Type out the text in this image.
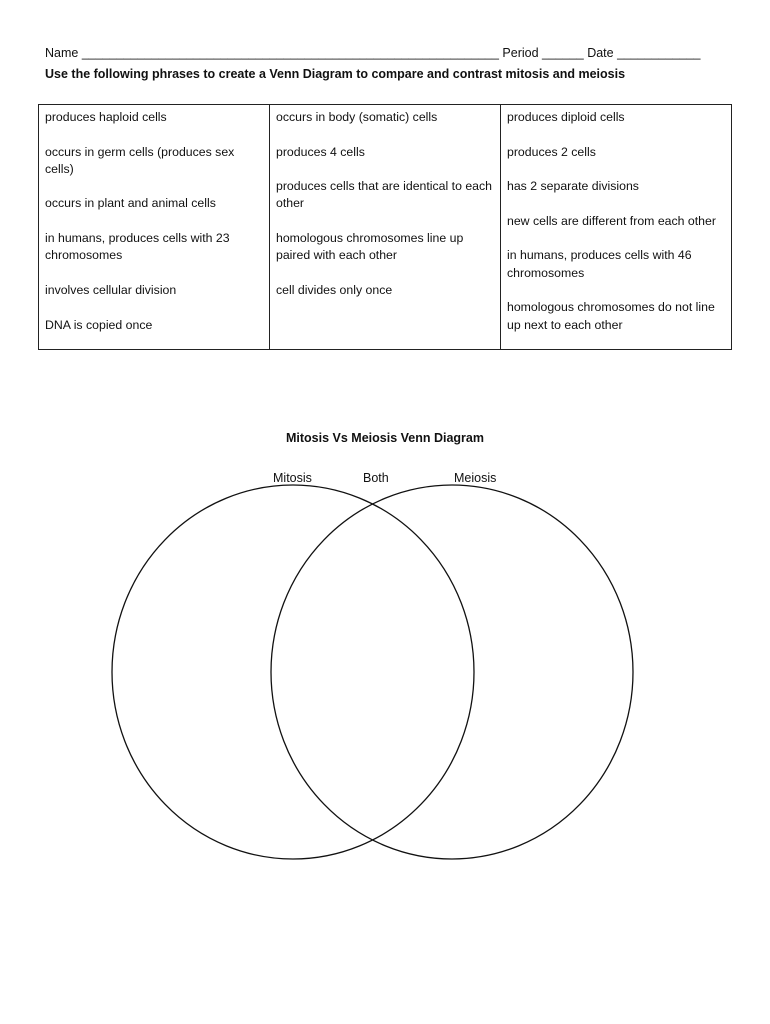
Name ____________________________________________________________ Period ______ Date ____________
Use the following phrases to create a Venn Diagram to compare and contrast mitosis and meiosis

produces haploid cells

occurs in germ cells (produces sex cells)

occurs in plant and animal cells

in humans, produces cells with 23 chromosomes

involves cellular division

DNA is copied once

occurs in body (somatic) cells

produces 4 cells

produces cells that are identical to each other

homologous chromosomes line up paired with each other

cell divides only once

produces diploid cells

produces 2 cells

has 2 separate divisions

new cells are different from each other

in humans, produces cells with 46 chromosomes

homologous chromosomes do not line up next to each other

Mitosis Vs Meiosis Venn Diagram
Mitosis	Both	Meiosis
